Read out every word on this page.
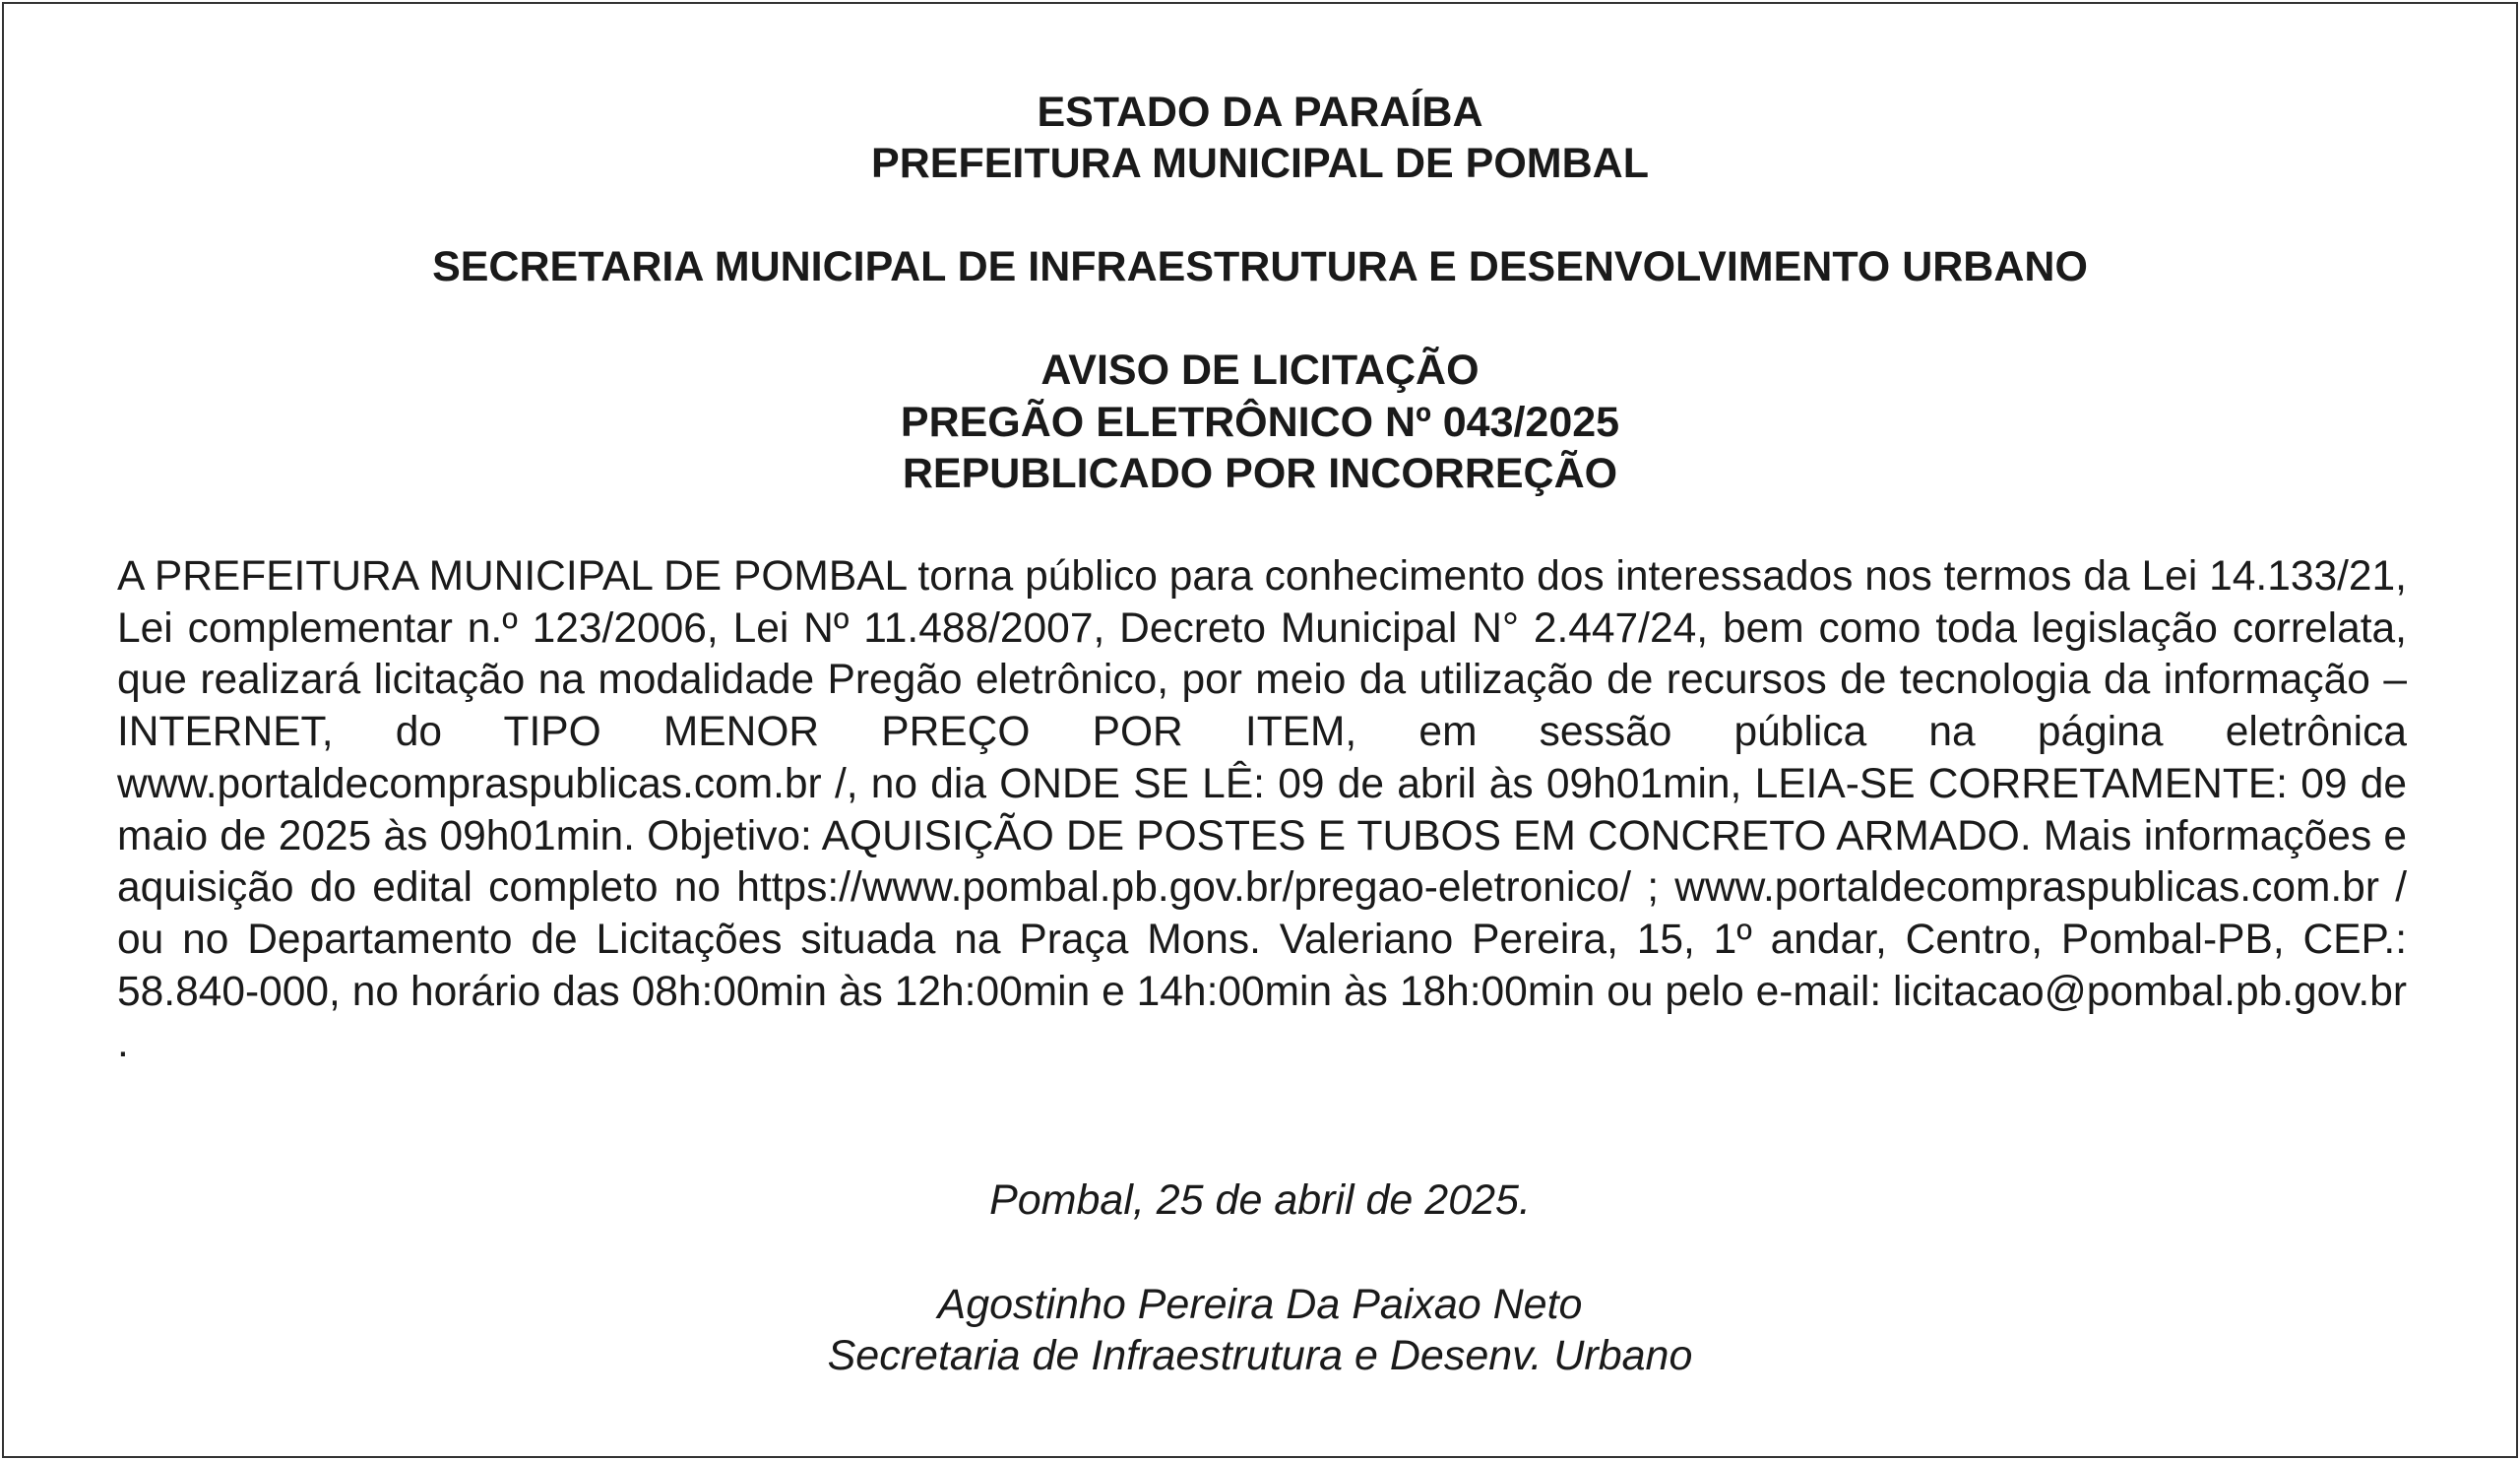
ESTADO DA PARAÍBA

PREFEITURA MUNICIPAL DE POMBAL

SECRETARIA MUNICIPAL DE INFRAESTRUTURA E DESENVOLVIMENTO URBANO

AVISO DE LICITAÇÃO

PREGÃO ELETRÔNICO Nº 043/2025

REPUBLICADO POR INCORREÇÃO

A PREFEITURA MUNICIPAL DE POMBAL torna público para conhecimento dos interessados nos termos da Lei 14.133/21, Lei complementar n.º 123/2006, Lei Nº 11.488/2007, Decreto Municipal N° 2.447/24, bem como toda legislação correlata, que realizará licitação na modalidade Pregão eletrônico, por meio da utilização de recursos de tecnologia da informação – INTERNET, do TIPO MENOR PREÇO POR ITEM, em sessão pública na página eletrônica www.portaldecompraspublicas.com.br /, no dia ONDE SE LÊ: 09 de abril às 09h01min, LEIA-SE CORRETAMENTE: 09 de maio de 2025 às 09h01min. Objetivo: AQUISIÇÃO DE POSTES E TUBOS EM CONCRETO ARMADO. Mais informações e aquisição do edital completo no https://www.pombal.pb.gov.br/pregao-eletronico/ ; www.portaldecompraspublicas.com.br / ou no Departamento de Licitações situada na Praça Mons. Valeriano Pereira, 15, 1º andar, Centro, Pombal-PB, CEP.: 58.840-000, no horário das 08h:00min às 12h:00min e 14h:00min às 18h:00min ou pelo e-mail: licitacao@pombal.pb.gov.br .

Pombal, 25 de abril de 2025.

Agostinho Pereira Da Paixao Neto

Secretaria de Infraestrutura e Desenv. Urbano
